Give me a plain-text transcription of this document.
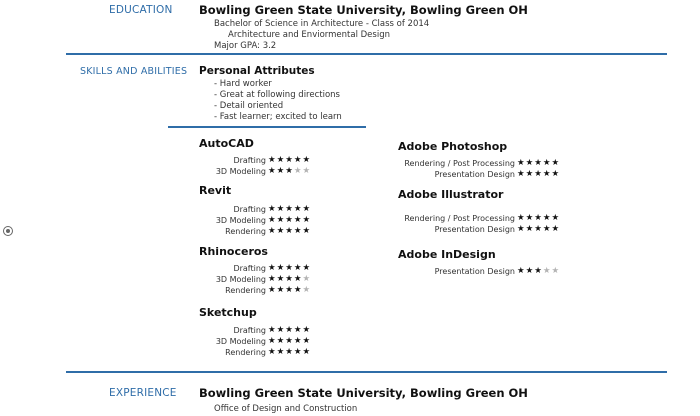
EDUCATION Bowling Green State University, Bowling Green OH
Bachelor of Science in Architecture - Class of 2014
Architecture and Enviormental Design
Major GPA: 3.2
SKILLS AND ABILITIES Personal Attributes
- Hard worker
- Great at following directions
- Detail oriented
- Fast learner; excited to learn
AutoCAD
Drafting ★★★★★
3D Modeling ★★★★★
Revit
Drafting ★★★★★
3D Modeling ★★★★★
Rendering ★★★★★
Rhinoceros
Drafting ★★★★★
3D Modeling ★★★★★
Rendering ★★★★★
Sketchup
Drafting ★★★★★
3D Modeling ★★★★★
Rendering ★★★★★
Adobe Photoshop
Rendering / Post Processing ★★★★★
Presentation Design ★★★★★
Adobe Illustrator
Rendering / Post Processing ★★★★★
Presentation Design ★★★★★
Adobe InDesign
Presentation Design ★★★★★
EXPERIENCE Bowling Green State University, Bowling Green OH
Office of Design and Construction
